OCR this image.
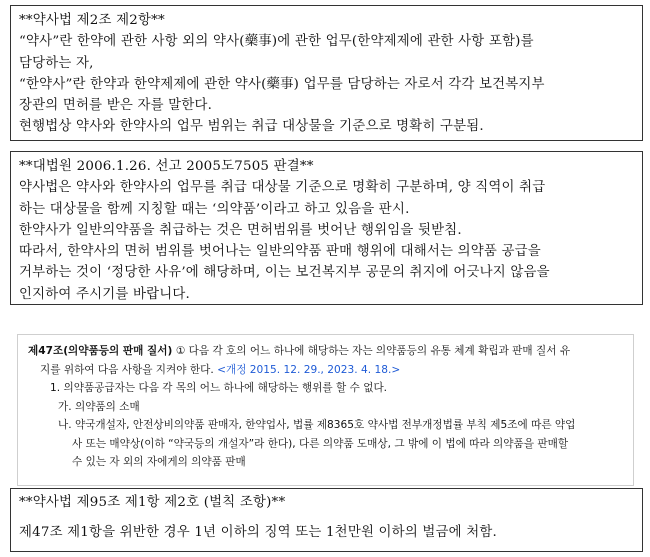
**약사법 제2조 제2항**
“약사”란 한약에 관한 사항 외의 약사(藥事)에 관한 업무(한약제제에 관한 사항 포함)를
담당하는 자,
“한약사”란 한약과 한약제제에 관한 약사(藥事) 업무를 담당하는 자로서 각각 보건복지부
장관의 면허를 받은 자를 말한다.
현행법상 약사와 한약사의 업무 범위는 취급 대상물을 기준으로 명확히 구분됨.
**대법원 2006.1.26. 선고 2005도7505 판결**
약사법은 약사와 한약사의 업무를 취급 대상물 기준으로 명확히 구분하며, 양 직역이 취급
하는 대상물을 함께 지칭할 때는 ‘의약품’이라고 하고 있음을 판시.
한약사가 일반의약품을 취급하는 것은 면허범위를 벗어난 행위임을 뒷받침.
따라서, 한약사의 면허 범위를 벗어나는 일반의약품 판매 행위에 대해서는 의약품 공급을
거부하는 것이 ‘정당한 사유’에 해당하며, 이는 보건복지부 공문의 취지에 어긋나지 않음을
인지하여 주시기를 바랍니다.
제47조(의약품등의 판매 질서) ① 다음 각 호의 어느 하나에 해당하는 자는 의약품등의 유통 체계 확립과 판매 질서 유
지를 위하여 다음 사항을 지켜야 한다. <개정 2015. 12. 29., 2023. 4. 18.>
1. 의약품공급자는 다음 각 목의 어느 하나에 해당하는 행위를 할 수 없다.
가. 의약품의 소매
나. 약국개설자, 안전상비의약품 판매자, 한약업사, 법률 제8365호 약사법 전부개정법률 부칙 제5조에 따른 약업
사 또는 매약상(이하 “약국등의 개설자”라 한다), 다른 의약품 도매상, 그 밖에 이 법에 따라 의약품을 판매할
수 있는 자 외의 자에게의 의약품 판매
**약사법 제95조 제1항 제2호 (벌칙 조항)**
제47조 제1항을 위반한 경우 1년 이하의 징역 또는 1천만원 이하의 벌금에 처함.
